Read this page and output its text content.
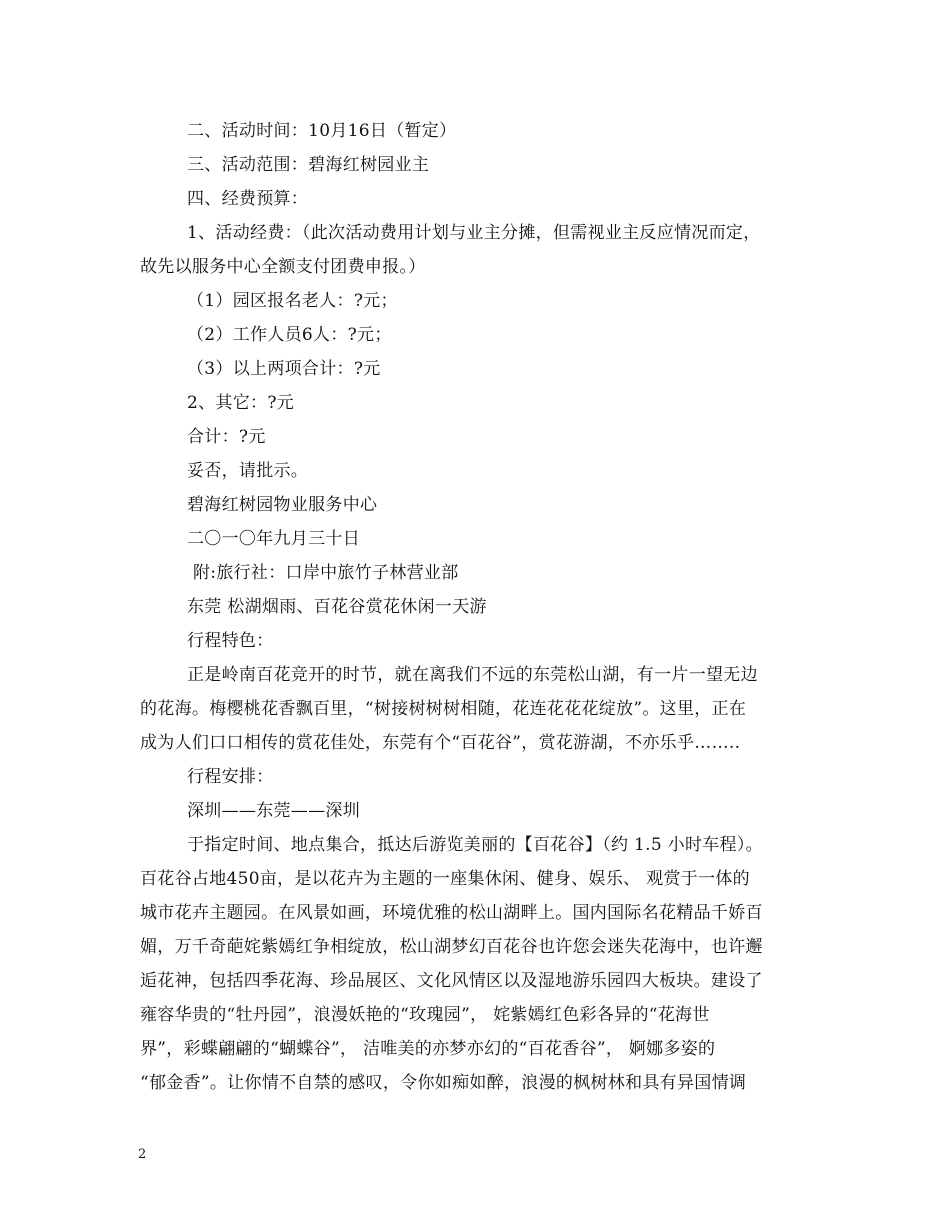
二、活动时间：10月16日（暂定）
三、活动范围：碧海红树园业主
四、经费预算：
1、活动经费：（此次活动费用计划与业主分摊，但需视业主反应情况而定，
故先以服务中心全额支付团费申报。）
（1）园区报名老人：?元；
（2）工作人员6人：?元；
（3）以上两项合计：?元
2、其它：?元
合计：?元
妥否，请批示。
碧海红树园物业服务中心
二〇一〇年九月三十日
附:旅行社：口岸中旅竹子林营业部
东莞 松湖烟雨、百花谷赏花休闲一天游
行程特色：
正是岭南百花竞开的时节，就在离我们不远的东莞松山湖，有一片一望无边
的花海。梅樱桃花香飘百里，“树接树树树相随，花连花花花绽放”。这里，正在
成为人们口口相传的赏花佳处，东莞有个“百花谷”，赏花游湖，不亦乐乎……..
行程安排：
深圳——东莞——深圳
于指定时间、地点集合，抵达后游览美丽的【百花谷】（约 1.5 小时车程）。
百花谷占地450亩，是以花卉为主题的一座集休闲、健身、娱乐、 观赏于一体的
城市花卉主题园。在风景如画，环境优雅的松山湖畔上。国内国际名花精品千娇百
媚，万千奇葩姹紫嫣红争相绽放，松山湖梦幻百花谷也许您会迷失花海中，也许邂
逅花神，包括四季花海、珍品展区、文化风情区以及湿地游乐园四大板块。建设了
雍容华贵的“牡丹园”，浪漫妖艳的“玫瑰园”， 姹紫嫣红色彩各异的“花海世
界”，彩蝶翩翩的“蝴蝶谷”， 洁唯美的亦梦亦幻的“百花香谷”， 婀娜多姿的
“郁金香”。让你情不自禁的感叹，令你如痴如醉，浪漫的枫树林和具有异国情调
2
